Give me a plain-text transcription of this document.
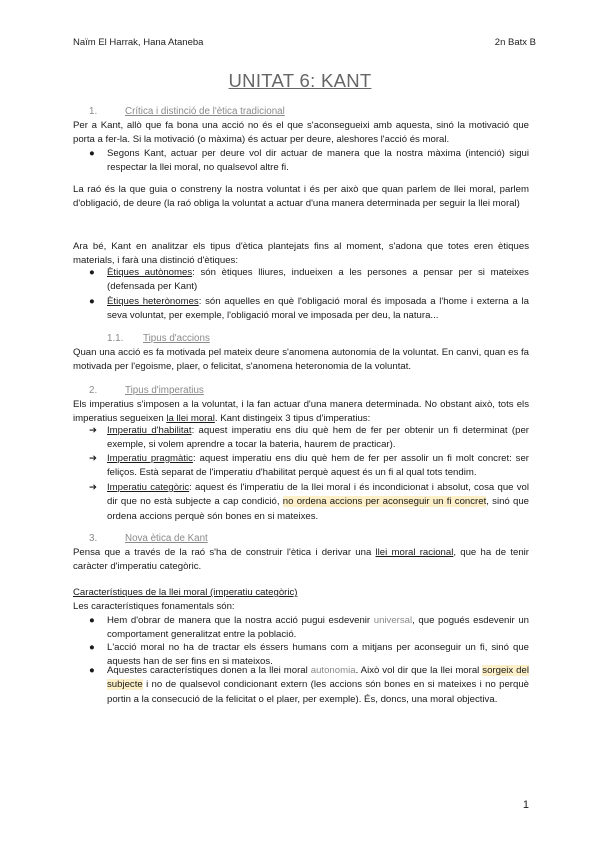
Naïm El Harrak, Hana Ataneba	2n Batx B
UNITAT 6: KANT
1.	Crítica i distinció de l'ètica tradicional
Per a Kant, allò que fa bona una acció no és el que s'aconsegueixi amb aquesta, sinó la motivació que porta a fer-la. Si la motivació (o màxima) és actuar per deure, aleshores l'acció és moral.
●	Segons Kant, actuar per deure vol dir actuar de manera que la nostra màxima (intenció) sigui respectar la llei moral, no qualsevol altre fi.
La raó és la que guia o constreny la nostra voluntat i és per això que quan parlem de llei moral, parlem d'obligació, de deure (la raó obliga la voluntat a actuar d'una manera determinada per seguir la llei moral)
Ara bé, Kant en analitzar els tipus d'ètica plantejats fins al moment, s'adona que totes eren ètiques materials, i farà una distinció d'ètiques:
●	Ètiques autònomes: són ètiques lliures, indueixen a les persones a pensar per si mateixes (defensada per Kant)
●	Ètiques heterònomes: són aquelles en què l'obligació moral és imposada a l'home i externa a la seva voluntat, per exemple, l'obligació moral ve imposada per deu, la natura...
1.1. Tipus d'accions
Quan una acció es fa motivada pel mateix deure s'anomena autonomia de la voluntat. En canvi, quan es fa motivada per l'egoisme, plaer, o felicitat, s'anomena heteronomia de la voluntat.
2.	Tipus d'imperatius
Els imperatius s'imposen a la voluntat, i la fan actuar d'una manera determinada. No obstant això, tots els imperatius segueixen la llei moral. Kant distingeix 3 tipus d'imperatius:
➔	Imperatiu d'habilitat: aquest imperatiu ens diu què hem de fer per obtenir un fi determinat (per exemple, si volem aprendre a tocar la bateria, haurem de practicar).
➔	Imperatiu pragmàtic: aquest imperatiu ens diu què hem de fer per assolir un fi molt concret: ser feliços. Està separat de l'imperatiu d'habilitat perquè aquest és un fi al qual tots tendim.
➔	Imperatiu categòric: aquest és l'imperatiu de la llei moral i és incondicionat i absolut, cosa que vol dir que no està subjecte a cap condició, no ordena accions per aconseguir un fi concret, sinó que ordena accions perquè són bones en si mateixes.
3.	Nova ètica de Kant
Pensa que a través de la raó s'ha de construir l'ètica i derivar una llei moral racional, que ha de tenir caràcter d'imperatiu categòric.
Característiques de la llei moral (imperatiu categòric)
Les característiques fonamentals són:
●	Hem d'obrar de manera que la nostra acció pugui esdevenir universal, que pogués esdevenir un comportament generalitzat entre la població.
●	L'acció moral no ha de tractar els éssers humans com a mitjans per aconseguir un fi, sinó que aquests han de ser fins en si mateixos.
●	Aquestes característiques donen a la llei moral autonomia. Això vol dir que la llei moral sorgeix del subjecte i no de qualsevol condicionant extern (les accions són bones en si mateixes i no perquè portin a la consecució de la felicitat o el plaer, per exemple). És, doncs, una moral objectiva.
1
